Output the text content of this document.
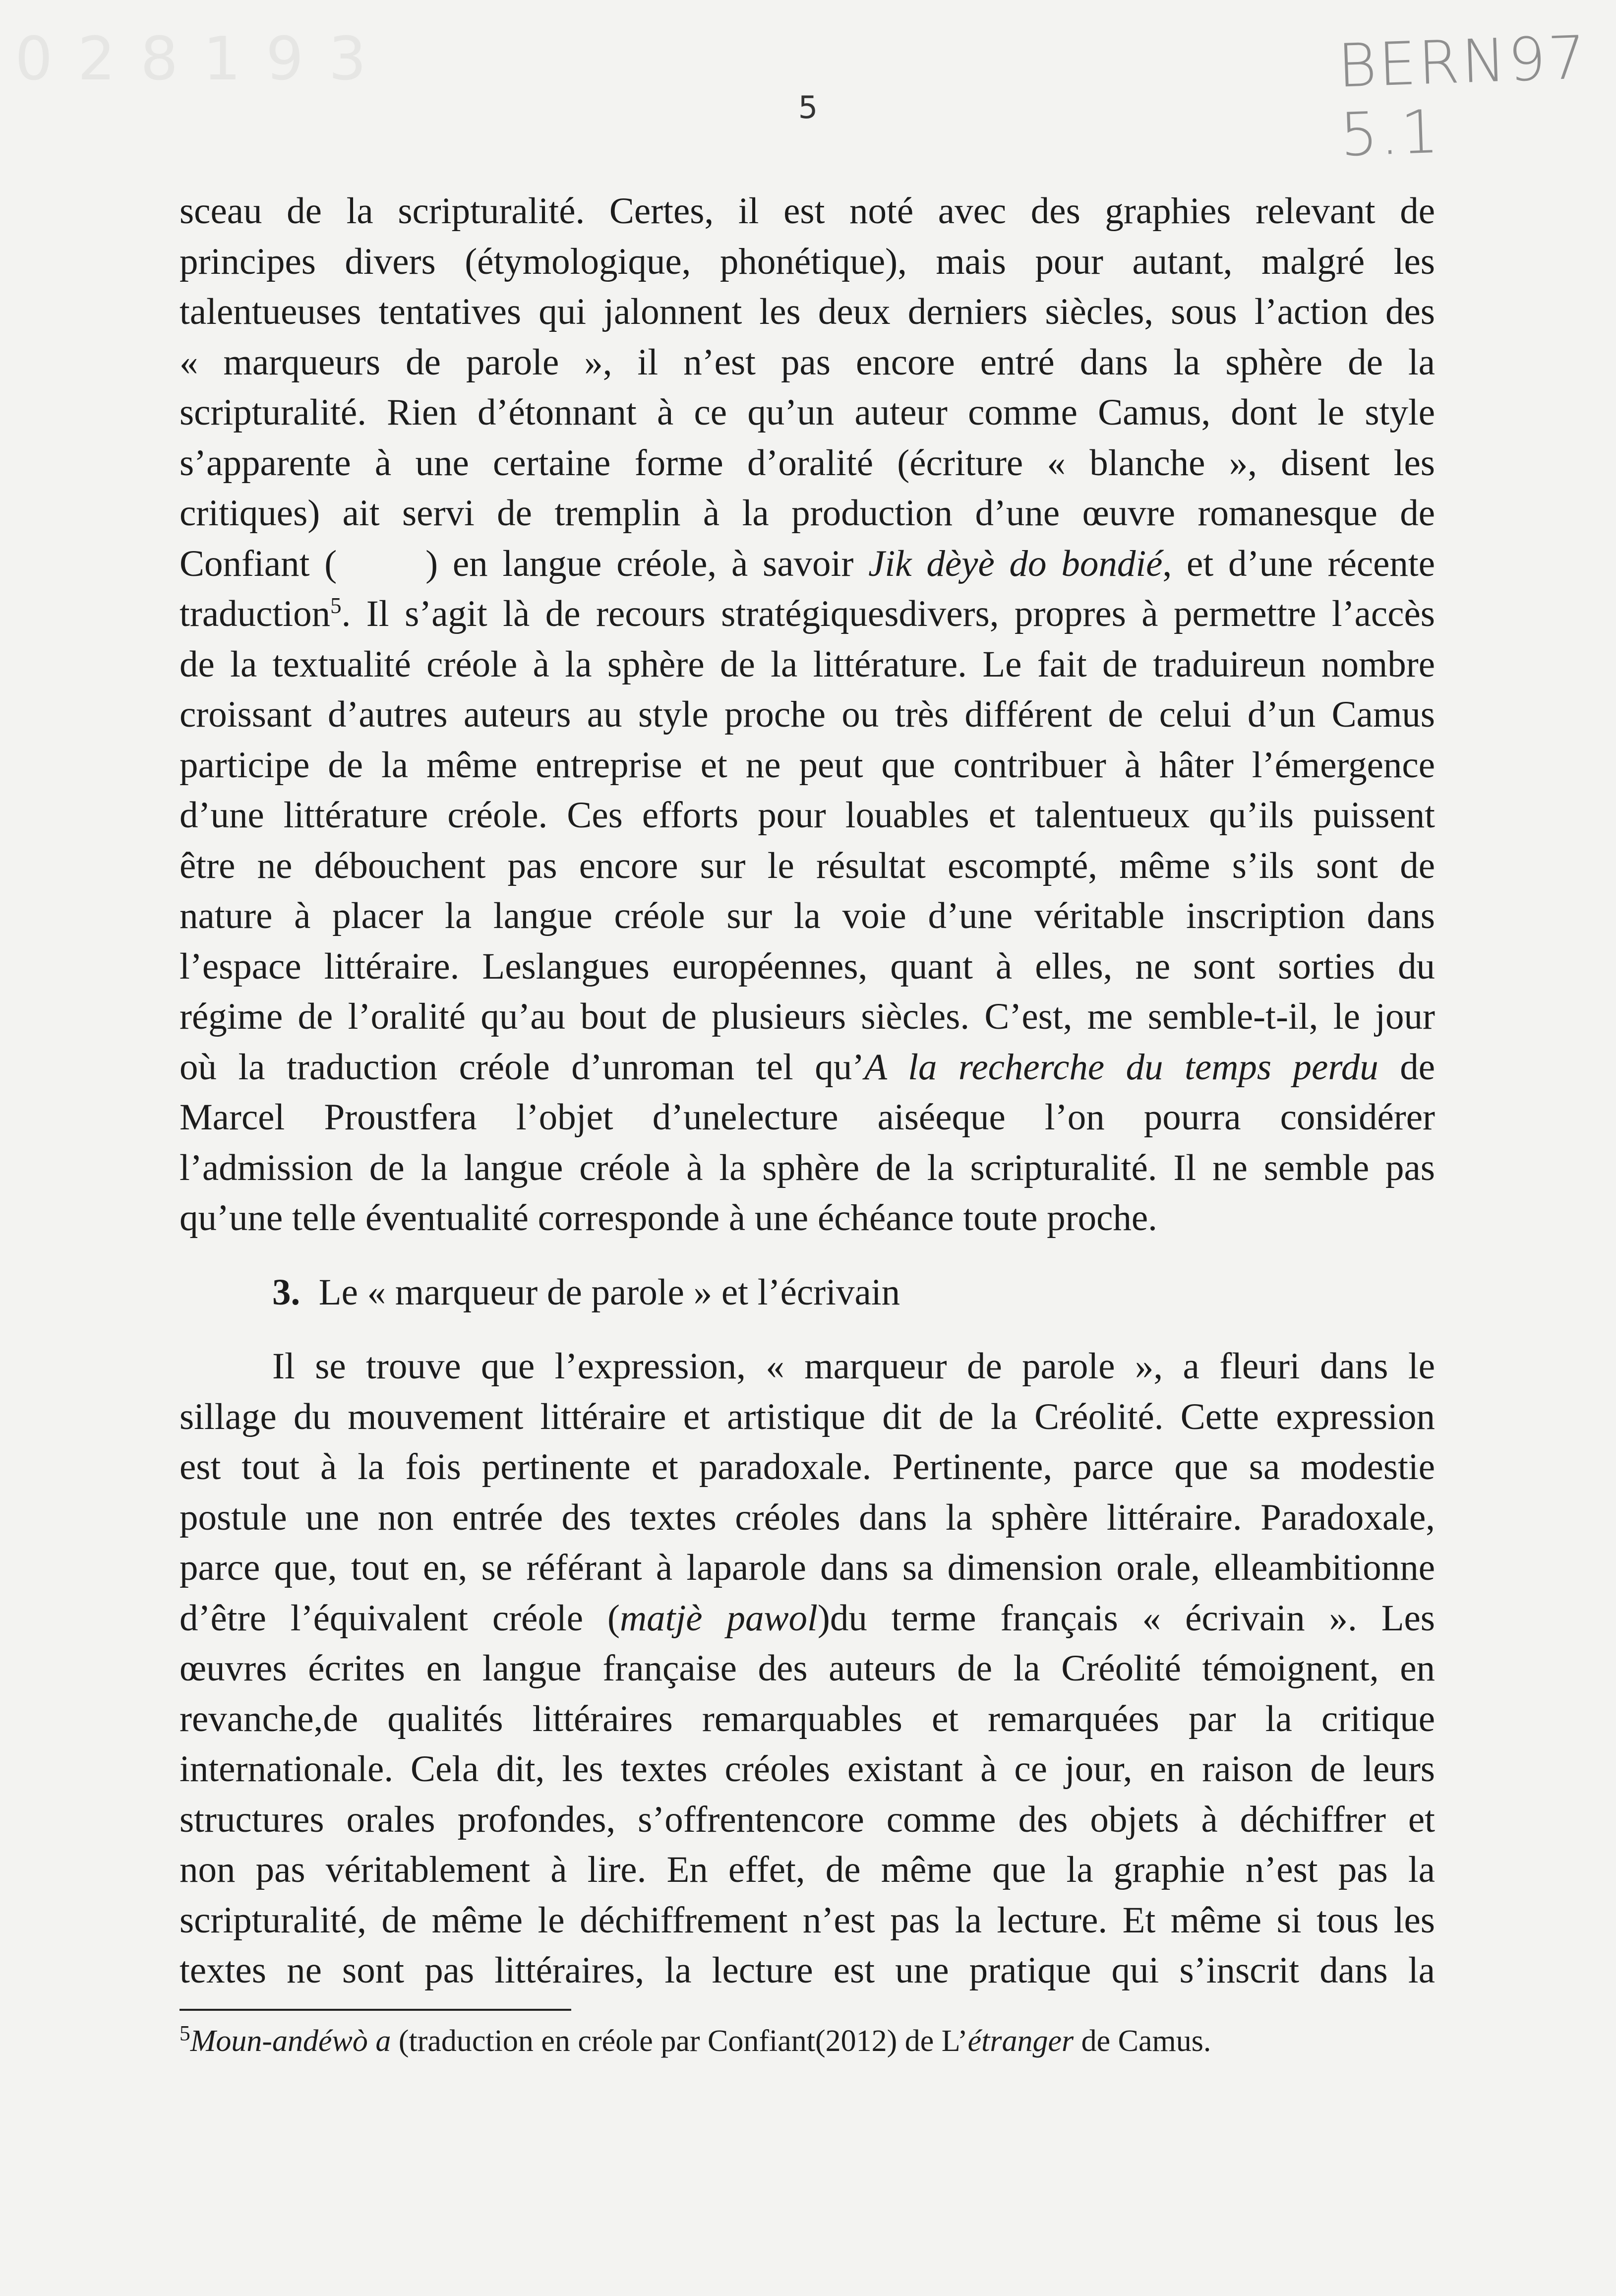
0 2 8 1 9 3	BERN97 5.1
5
sceau de la scripturalité. Certes, il est noté avec des graphies relevant de
principes divers (étymologique, phonétique), mais pour autant, malgré les
talentueuses tentatives qui jalonnent les deux derniers siècles, sous l’action des
« marqueurs de parole », il n’est pas encore entré dans la sphère de la
scripturalité. Rien d’étonnant à ce qu’un auteur comme Camus, dont le style
s’apparente à une certaine forme d’oralité (écriture « blanche », disent les
critiques) ait servi de tremplin à la production d’une œuvre romanesque de
Confiant (      ) en langue créole, à savoir Jik dèyè do bondié, et d’une récente
traduction$^5$. Il s’agit là de recours stratégiquesdivers, propres à permettre l’accès
de la textualité créole à la sphère de la littérature. Le fait de traduireun nombre
croissant d’autres auteurs au style proche ou très différent de celui d’un Camus
participe de la même entreprise et ne peut que contribuer à hâter l’émergence
d’une littérature créole. Ces efforts pour louables et talentueux qu’ils puissent
être ne débouchent pas encore sur le résultat escompté, même s’ils sont de
nature à placer la langue créole sur la voie d’une véritable inscription dans
l’espace littéraire. Leslangues européennes, quant à elles, ne sont sorties du
régime de l’oralité qu’au bout de plusieurs siècles. C’est, me semble-t-il, le jour
où la traduction créole d’unroman tel qu’A la recherche du temps perdu de
Marcel Proustfera l’objet d’unelecture aiséeque l’on pourra considérer
l’admission de la langue créole à la sphère de la scripturalité. Il ne semble pas
qu’une telle éventualité corresponde à une échéance toute proche.
3. Le « marqueur de parole » et l’écrivain
Il se trouve que l’expression, « marqueur de parole », a fleuri dans le
sillage du mouvement littéraire et artistique dit de la Créolité. Cette expression
est tout à la fois pertinente et paradoxale. Pertinente, parce que sa modestie
postule une non entrée des textes créoles dans la sphère littéraire. Paradoxale,
parce que, tout en, se référant à laparole dans sa dimension orale, elleambitionne
d’être l’équivalent créole (matjè pawol)du terme français « écrivain ». Les
œuvres écrites en langue française des auteurs de la Créolité témoignent, en
revanche,de qualités littéraires remarquables et remarquées par la critique
internationale. Cela dit, les textes créoles existant à ce jour, en raison de leurs
structures orales profondes, s’offrentencore comme des objets à déchiffrer et
non pas véritablement à lire. En effet, de même que la graphie n’est pas la
scripturalité, de même le déchiffrement n’est pas la lecture. Et même si tous les
textes ne sont pas littéraires, la lecture est une pratique qui s’inscrit dans la
$^5$Moun-andéwò a (traduction en créole par Confiant(2012) de L’étranger de Camus.
